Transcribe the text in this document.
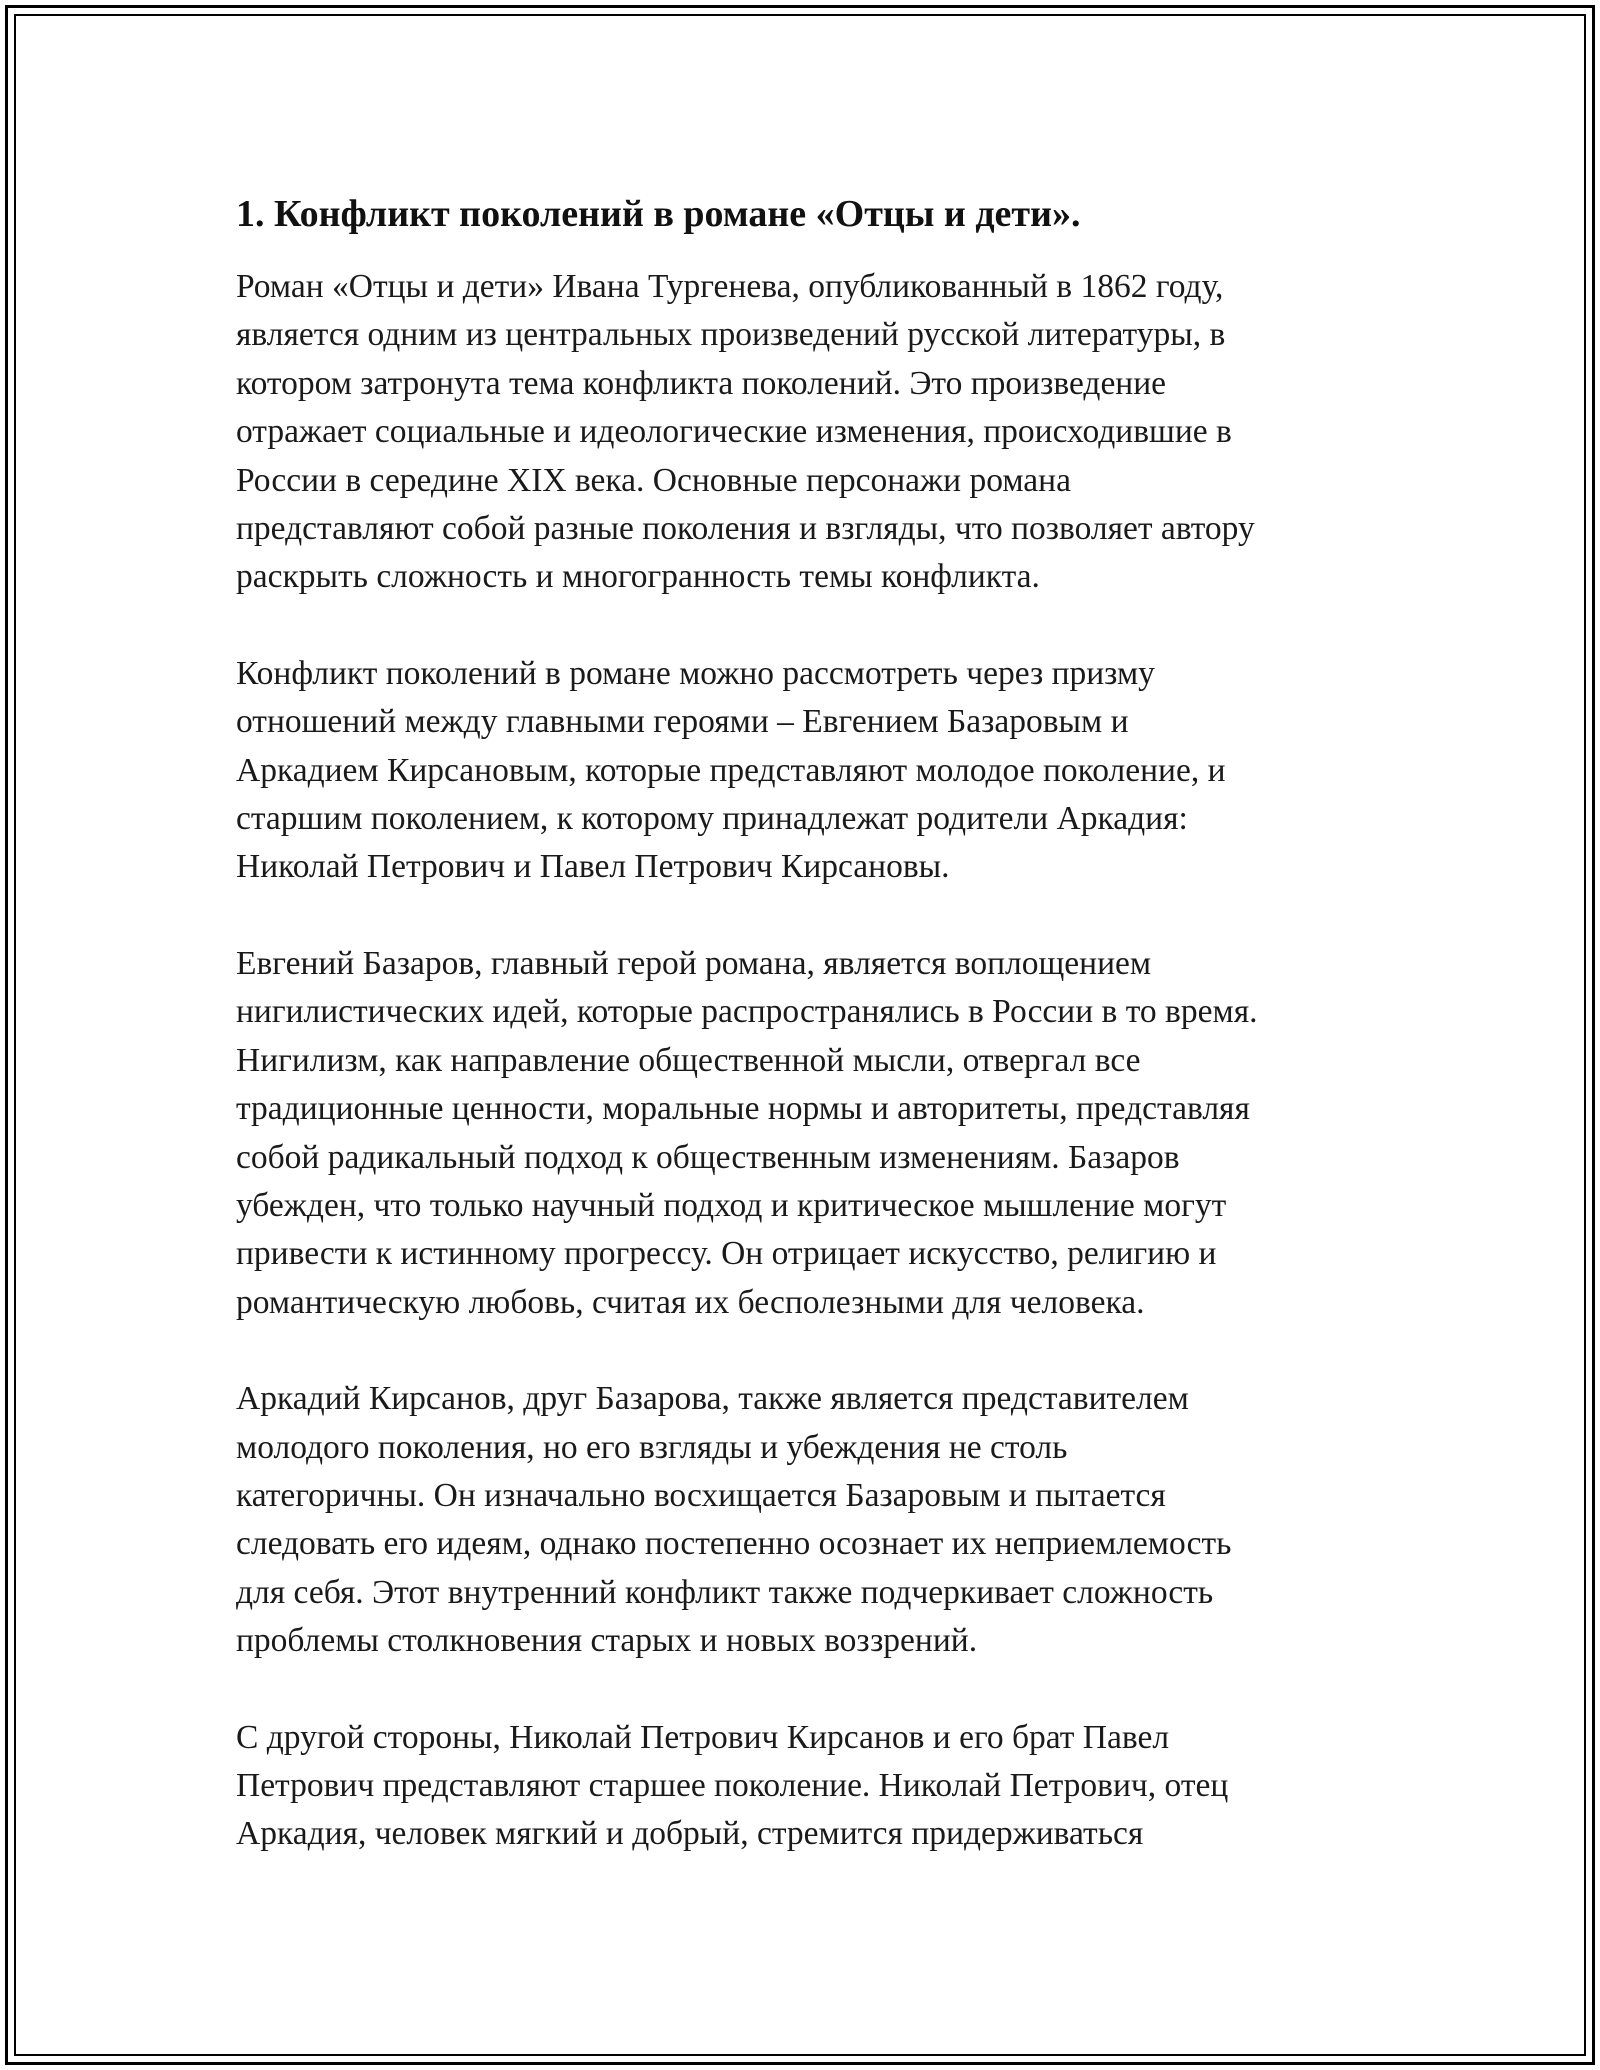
1. Конфликт поколений в романе «Отцы и дети».

Роман «Отцы и дети» Ивана Тургенева, опубликованный в 1862 году,
является одним из центральных произведений русской литературы, в
котором затронута тема конфликта поколений. Это произведение
отражает социальные и идеологические изменения, происходившие в
России в середине XIX века. Основные персонажи романа
представляют собой разные поколения и взгляды, что позволяет автору
раскрыть сложность и многогранность темы конфликта.

Конфликт поколений в романе можно рассмотреть через призму
отношений между главными героями – Евгением Базаровым и
Аркадием Кирсановым, которые представляют молодое поколение, и
старшим поколением, к которому принадлежат родители Аркадия:
Николай Петрович и Павел Петрович Кирсановы.

Евгений Базаров, главный герой романа, является воплощением
нигилистических идей, которые распространялись в России в то время.
Нигилизм, как направление общественной мысли, отвергал все
традиционные ценности, моральные нормы и авторитеты, представляя
собой радикальный подход к общественным изменениям. Базаров
убежден, что только научный подход и критическое мышление могут
привести к истинному прогрессу. Он отрицает искусство, религию и
романтическую любовь, считая их бесполезными для человека.

Аркадий Кирсанов, друг Базарова, также является представителем
молодого поколения, но его взгляды и убеждения не столь
категоричны. Он изначально восхищается Базаровым и пытается
следовать его идеям, однако постепенно осознает их неприемлемость
для себя. Этот внутренний конфликт также подчеркивает сложность
проблемы столкновения старых и новых воззрений.

С другой стороны, Николай Петрович Кирсанов и его брат Павел
Петрович представляют старшее поколение. Николай Петрович, отец
Аркадия, человек мягкий и добрый, стремится придерживаться
